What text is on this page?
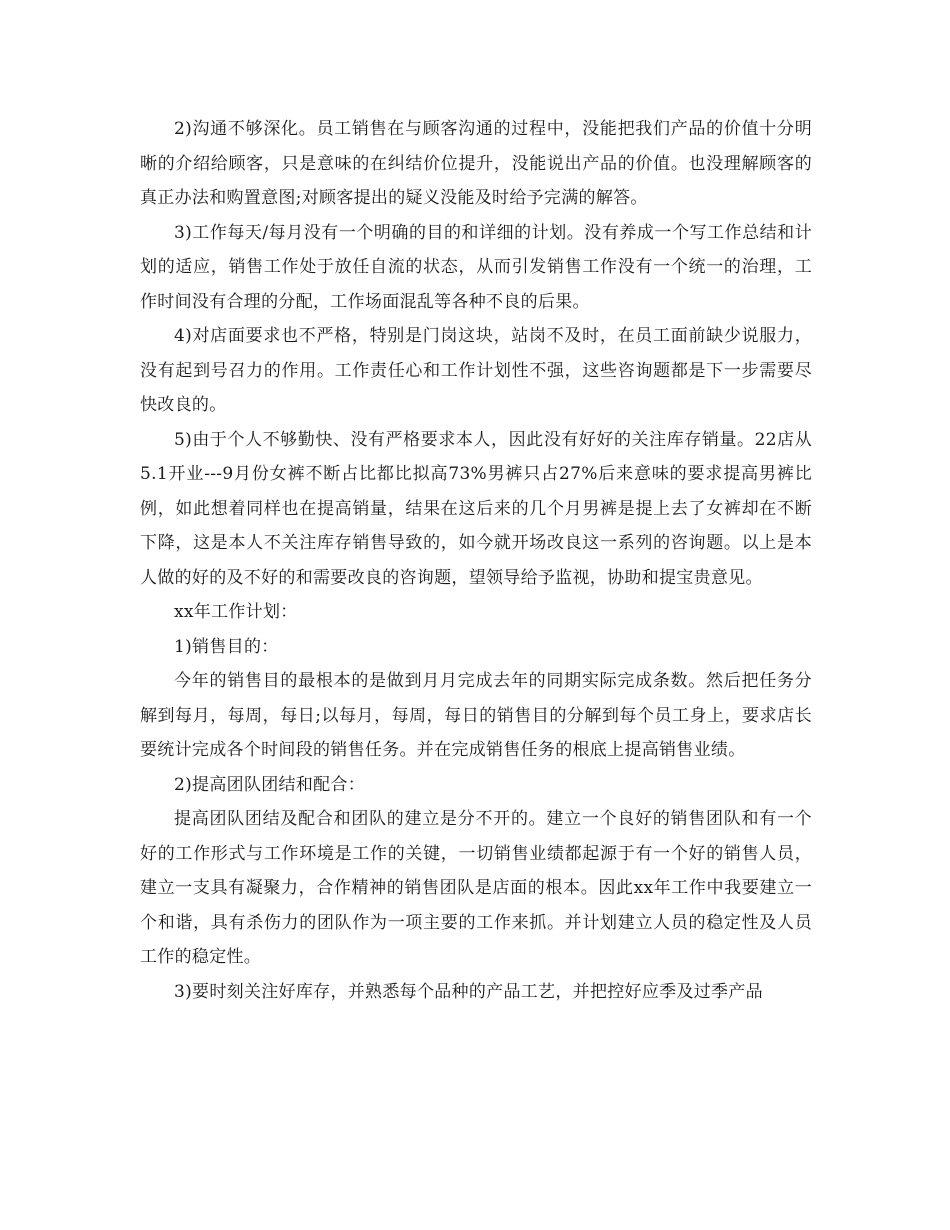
2)沟通不够深化。员工销售在与顾客沟通的过程中，没能把我们产品的价值十分明晰的介绍给顾客，只是意味的在纠结价位提升，没能说出产品的价值。也没理解顾客的真正办法和购置意图;对顾客提出的疑义没能及时给予完满的解答。

3)工作每天/每月没有一个明确的目的和详细的计划。没有养成一个写工作总结和计划的适应，销售工作处于放任自流的状态，从而引发销售工作没有一个统一的治理，工作时间没有合理的分配，工作场面混乱等各种不良的后果。

4)对店面要求也不严格，特别是门岗这块，站岗不及时，在员工面前缺少说服力，没有起到号召力的作用。工作责任心和工作计划性不强，这些咨询题都是下一步需要尽快改良的。

5)由于个人不够勤快、没有严格要求本人，因此没有好好的关注库存销量。22店从5.1开业---9月份女裤不断占比都比拟高73%男裤只占27%后来意味的要求提高男裤比例，如此想着同样也在提高销量，结果在这后来的几个月男裤是提上去了女裤却在不断下降，这是本人不关注库存销售导致的，如今就开场改良这一系列的咨询题。以上是本人做的好的及不好的和需要改良的咨询题，望领导给予监视，协助和提宝贵意见。

xx年工作计划：

1)销售目的：

今年的销售目的最根本的是做到月月完成去年的同期实际完成条数。然后把任务分解到每月，每周，每日;以每月，每周，每日的销售目的分解到每个员工身上，要求店长要统计完成各个时间段的销售任务。并在完成销售任务的根底上提高销售业绩。

2)提高团队团结和配合：

提高团队团结及配合和团队的建立是分不开的。建立一个良好的销售团队和有一个好的工作形式与工作环境是工作的关键，一切销售业绩都起源于有一个好的销售人员，建立一支具有凝聚力，合作精神的销售团队是店面的根本。因此xx年工作中我要建立一个和谐，具有杀伤力的团队作为一项主要的工作来抓。并计划建立人员的稳定性及人员工作的稳定性。

3)要时刻关注好库存，并熟悉每个品种的产品工艺，并把控好应季及过季产品
